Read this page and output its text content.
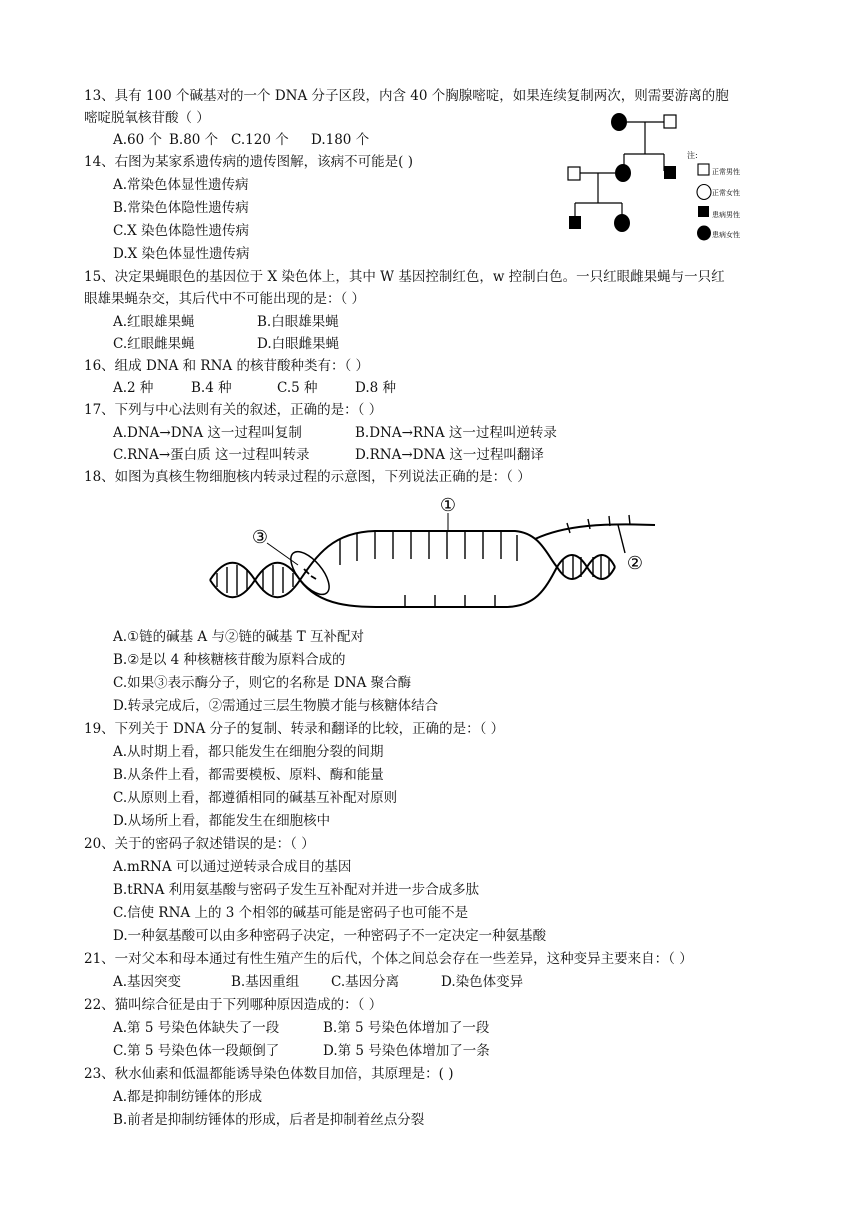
13、具有 100 个碱基对的一个 DNA 分子区段，内含 40 个胸腺嘧啶，如果连续复制两次，则需要游离的胞
嘧啶脱氧核苷酸（ ）
A.60 个 B.80 个 C.120 个 D.180 个
14、右图为某家系遗传病的遗传图解，该病不可能是( )
A.常染色体显性遗传病
B.常染色体隐性遗传病
C.X 染色体隐性遗传病
D.X 染色体显性遗传病
注:
正常男性
正常女性
患病男性
患病女性
15、决定果蝇眼色的基因位于 X 染色体上，其中 W 基因控制红色，w 控制白色。一只红眼雌果蝇与一只红
眼雄果蝇杂交，其后代中不可能出现的是：（ ）
A.红眼雄果蝇	B.白眼雄果蝇
C.红眼雌果蝇	D.白眼雌果蝇
16、组成 DNA 和 RNA 的核苷酸种类有：（ ）
A.2 种	B.4 种	C.5 种	D.8 种
17、下列与中心法则有关的叙述，正确的是：（ ）
A.DNA→DNA 这一过程叫复制	B.DNA→RNA 这一过程叫逆转录
C.RNA→蛋白质 这一过程叫转录	D.RNA→DNA 这一过程叫翻译
18、如图为真核生物细胞核内转录过程的示意图，下列说法正确的是：（ ）
①
②
③
A.①链的碱基 A 与②链的碱基 T 互补配对
B.②是以 4 种核糖核苷酸为原料合成的
C.如果③表示酶分子，则它的名称是 DNA 聚合酶
D.转录完成后，②需通过三层生物膜才能与核糖体结合
19、下列关于 DNA 分子的复制、转录和翻译的比较，正确的是：（ ）
A.从时期上看，都只能发生在细胞分裂的间期
B.从条件上看，都需要模板、原料、酶和能量
C.从原则上看，都遵循相同的碱基互补配对原则
D.从场所上看，都能发生在细胞核中
20、关于的密码子叙述错误的是：（ ）
A.mRNA 可以通过逆转录合成目的基因
B.tRNA 利用氨基酸与密码子发生互补配对并进一步合成多肽
C.信使 RNA 上的 3 个相邻的碱基可能是密码子也可能不是
D.一种氨基酸可以由多种密码子决定，一种密码子不一定决定一种氨基酸
21、一对父本和母本通过有性生殖产生的后代，个体之间总会存在一些差异，这种变异主要来自：（ ）
A.基因突变	B.基因重组 C.基因分离	D.染色体变异
22、猫叫综合征是由于下列哪种原因造成的：（ ）
A.第 5 号染色体缺失了一段	B.第 5 号染色体增加了一段
C.第 5 号染色体一段颠倒了	D.第 5 号染色体增加了一条
23、秋水仙素和低温都能诱导染色体数目加倍，其原理是：( )
A.都是抑制纺锤体的形成
B.前者是抑制纺锤体的形成，后者是抑制着丝点分裂
